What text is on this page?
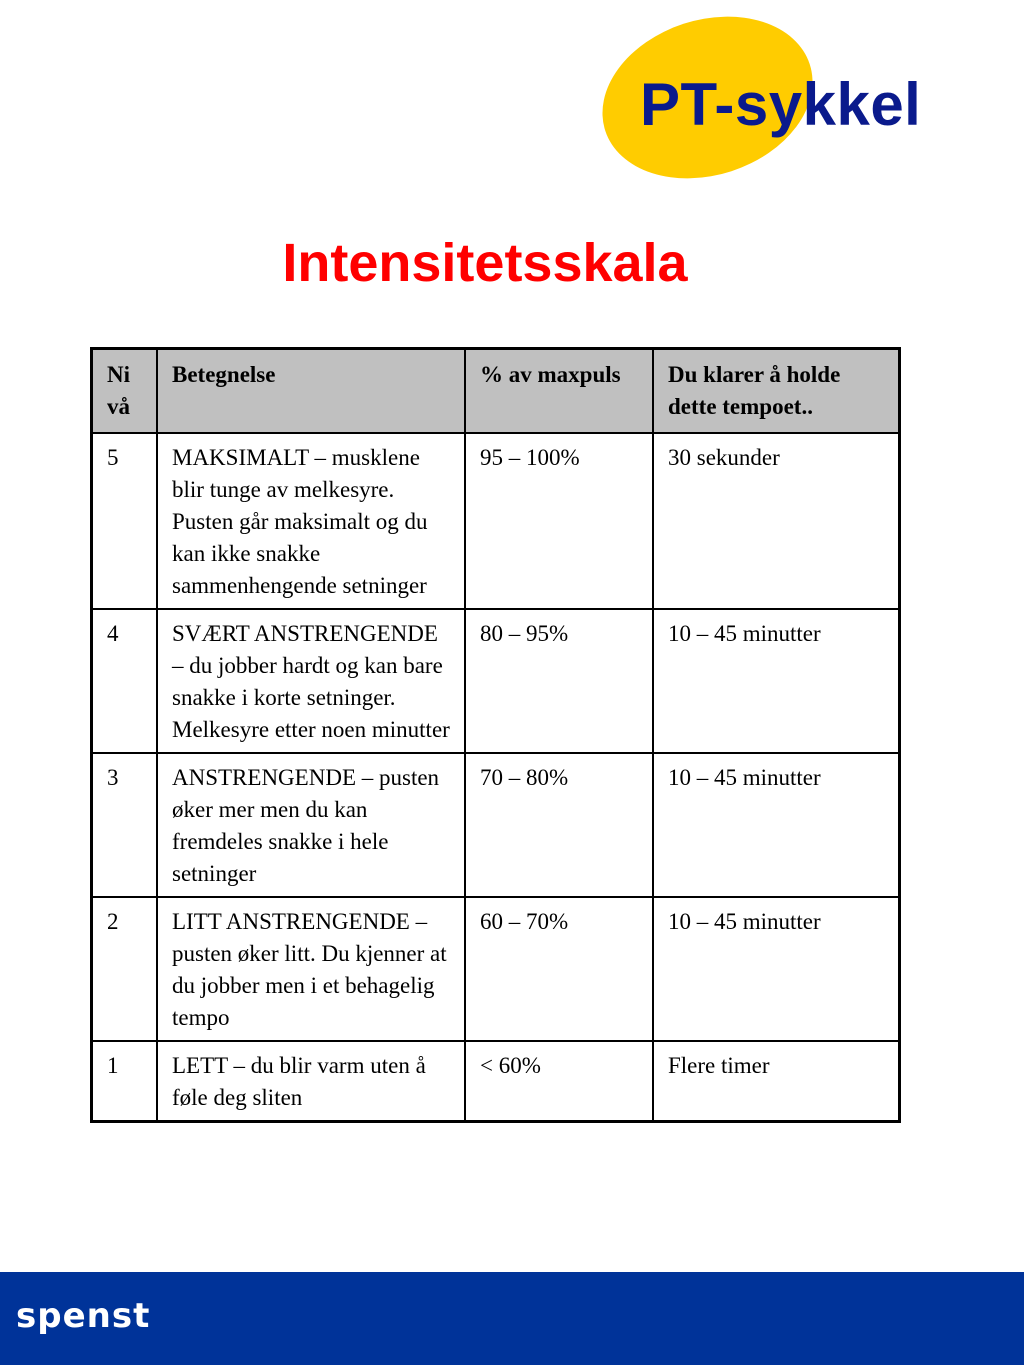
PT-sykkel
Intensitetsskala
Ni vå	Betegnelse	% av maxpuls	Du klarer å holde dette tempoet..
5	MAKSIMALT – musklene blir tunge av melkesyre. Pusten går maksimalt og du kan ikke snakke sammenhengende setninger	95 – 100%	30 sekunder
4	SVÆRT ANSTRENGENDE – du jobber hardt og kan bare snakke i korte setninger. Melkesyre etter noen minutter	80 – 95%	10 – 45 minutter
3	ANSTRENGENDE – pusten øker mer men du kan fremdeles snakke i hele setninger	70 – 80%	10 – 45 minutter
2	LITT ANSTRENGENDE – pusten øker litt. Du kjenner at du jobber men i et behagelig tempo	60 – 70%	10 – 45 minutter
1	LETT – du blir varm uten å føle deg sliten	< 60%	Flere timer
spenst
